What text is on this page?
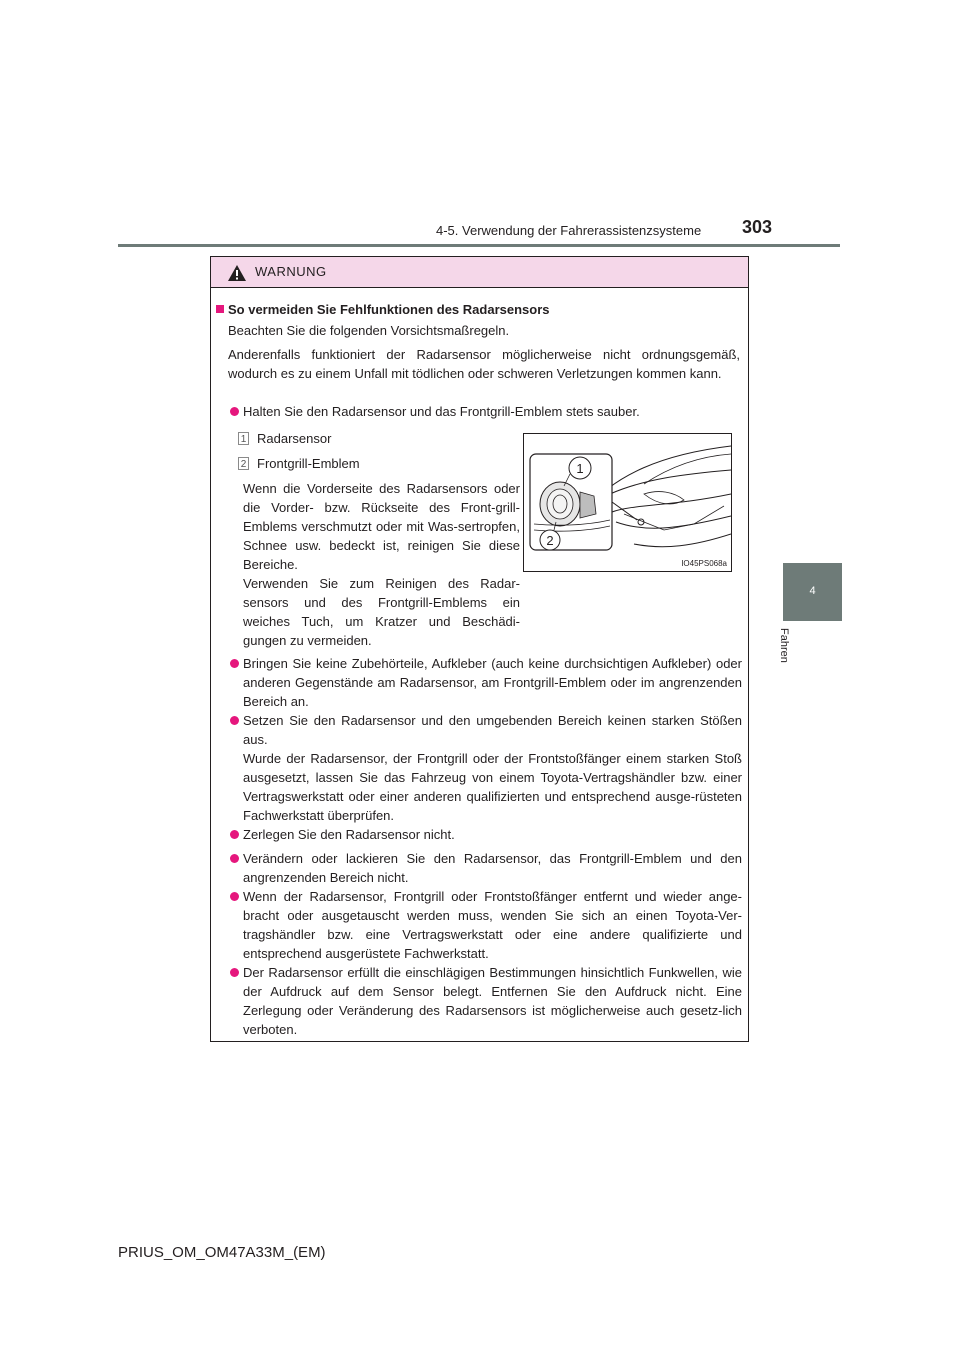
4-5. Verwendung der Fahrerassistenzsysteme 303
4
Fahren
WARNUNG
So vermeiden Sie Fehlfunktionen des Radarsensors
Beachten Sie die folgenden Vorsichtsmaßregeln.
Anderenfalls funktioniert der Radarsensor möglicherweise nicht ordnungsgemäß, wodurch es zu einem Unfall mit tödlichen oder schweren Verletzungen kommen kann.
Halten Sie den Radarsensor und das Frontgrill-Emblem stets sauber.
1 Radarsensor
2 Frontgrill-Emblem
Wenn die Vorderseite des Radarsensors oder die Vorder- bzw. Rückseite des Front-grill-Emblems verschmutzt oder mit Was-sertropfen, Schnee usw. bedeckt ist, reinigen Sie diese Bereiche.
Verwenden Sie zum Reinigen des Radar-sensors und des Frontgrill-Emblems ein weiches Tuch, um Kratzer und Beschädi-gungen zu vermeiden.
Bringen Sie keine Zubehörteile, Aufkleber (auch keine durchsichtigen Aufkleber) oder anderen Gegenstände am Radarsensor, am Frontgrill-Emblem oder im angrenzenden Bereich an.
Setzen Sie den Radarsensor und den umgebenden Bereich keinen starken Stößen aus.
Wurde der Radarsensor, der Frontgrill oder der Frontstoßfänger einem starken Stoß ausgesetzt, lassen Sie das Fahrzeug von einem Toyota-Vertragshändler bzw. einer Vertragswerkstatt oder einer anderen qualifizierten und entsprechend ausge-rüsteten Fachwerkstatt überprüfen.
Zerlegen Sie den Radarsensor nicht.
Verändern oder lackieren Sie den Radarsensor, das Frontgrill-Emblem und den angrenzenden Bereich nicht.
Wenn der Radarsensor, Frontgrill oder Frontstoßfänger entfernt und wieder ange-bracht oder ausgetauscht werden muss, wenden Sie sich an einen Toyota-Ver-tragshändler bzw. eine Vertragswerkstatt oder eine andere qualifizierte und entsprechend ausgerüstete Fachwerkstatt.
Der Radarsensor erfüllt die einschlägigen Bestimmungen hinsichtlich Funkwellen, wie der Aufdruck auf dem Sensor belegt. Entfernen Sie den Aufdruck nicht. Eine Zerlegung oder Veränderung des Radarsensors ist möglicherweise auch gesetz-lich verboten.
1
2
IO45PS068a
PRIUS_OM_OM47A33M_(EM)
